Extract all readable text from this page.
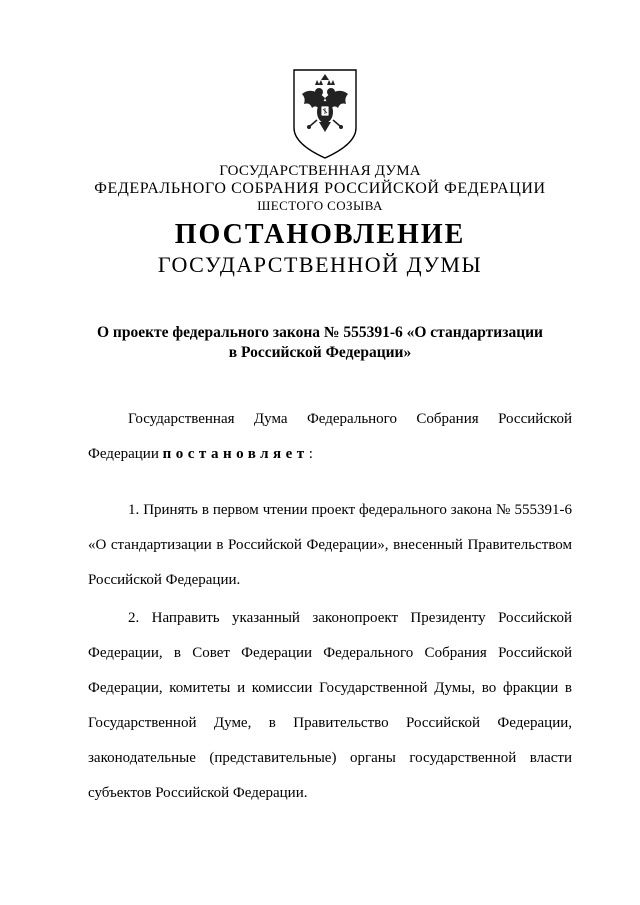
ГОСУДАРСТВЕННАЯ ДУМА
ФЕДЕРАЛЬНОГО СОБРАНИЯ РОССИЙСКОЙ ФЕДЕРАЦИИ
ШЕСТОГО СОЗЫВА
ПОСТАНОВЛЕНИЕ
ГОСУДАРСТВЕННОЙ ДУМЫ
О проекте федерального закона № 555391-6 «О стандартизации
в Российской Федерации»
Государственная Дума Федерального Собрания Российской
Федерации постановляет:
1. Принять в первом чтении проект федерального закона № 555391-6
«О стандартизации в Российской Федерации», внесенный Правительством
Российской Федерации.
2. Направить указанный законопроект Президенту Российской
Федерации, в Совет Федерации Федерального Собрания Российской
Федерации, комитеты и комиссии Государственной Думы, во фракции в
Государственной Думе, в Правительство Российской Федерации,
законодательные (представительные) органы государственной власти
субъектов Российской Федерации.
